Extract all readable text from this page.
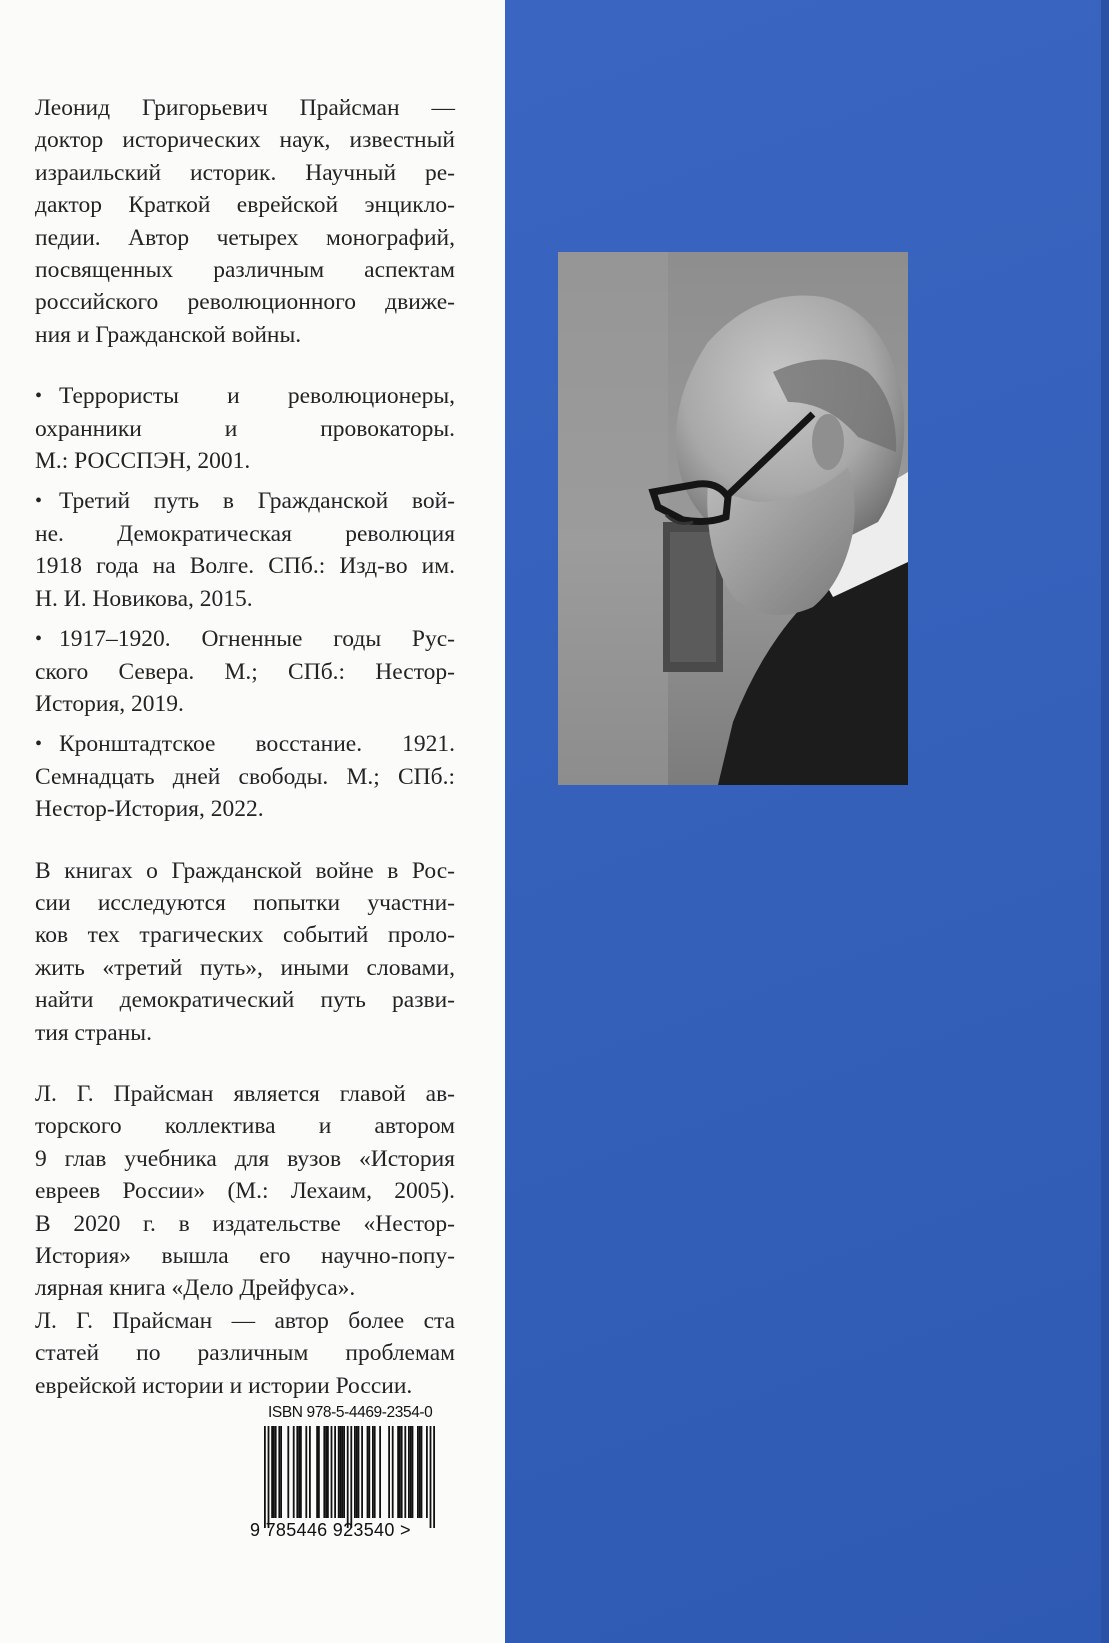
Леонид Григорьевич Прайсман —
доктор исторических наук, известный
израильский историк. Научный ре-
дактор Краткой еврейской энцикло-
педии. Автор четырех монографий,
посвященных различным аспектам
российского революционного движе-
ния и Гражданской войны.

• Террористы и революционеры,
охранники и провокаторы.
М.: РОССПЭН, 2001.

• Третий путь в Гражданской вой-
не. Демократическая революция
1918 года на Волге. СПб.: Изд-во им.
Н. И. Новикова, 2015.

• 1917–1920. Огненные годы Рус-
ского Севера. М.; СПб.: Нестор-
История, 2019.

• Кронштадтское восстание. 1921.
Семнадцать дней свободы. М.; СПб.:
Нестор-История, 2022.

В книгах о Гражданской войне в Рос-
сии исследуются попытки участни-
ков тех трагических событий проло-
жить «третий путь», иными словами,
найти демократический путь разви-
тия страны.

Л. Г. Прайсман является главой ав-
торского коллектива и автором
9 глав учебника для вузов «История
евреев России» (М.: Лехаим, 2005).
В 2020 г. в издательстве «Нестор-
История» вышла его научно-попу-
лярная книга «Дело Дрейфуса».
Л. Г. Прайсман — автор более ста
статей по различным проблемам
еврейской истории и истории России.

ISBN 978-5-4469-2354-0
9 785446 923540 >
